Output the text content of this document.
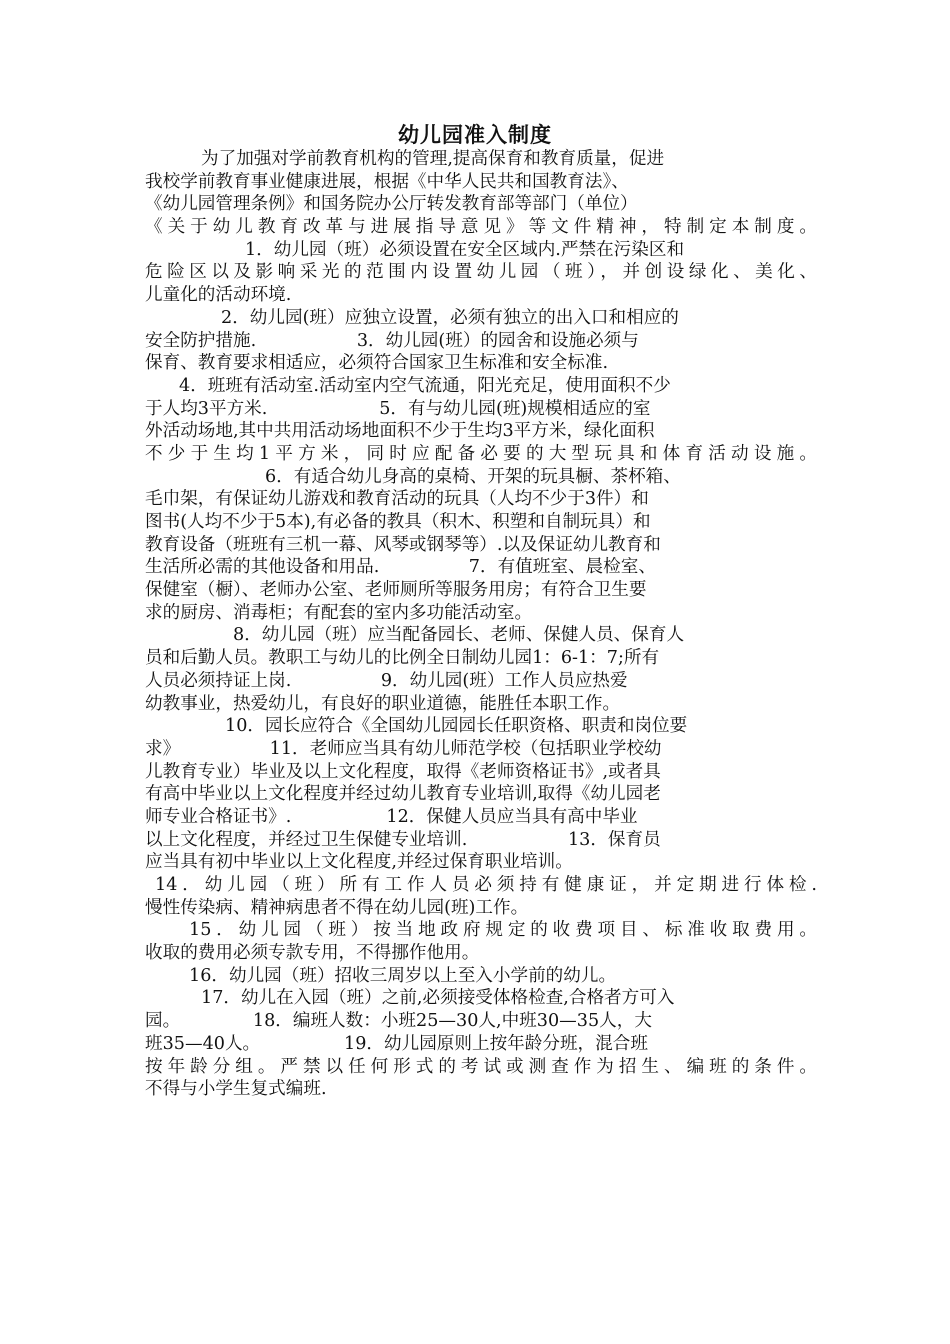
幼儿园准入制度
为了加强对学前教育机构的管理,提高保育和教育质量，促进
我校学前教育事业健康进展，根据《中华人民共和国教育法》、
《幼儿园管理条例》和国务院办公厅转发教育部等部门（单位）
《关于幼儿教育改革与进展指导意见》等文件精神，特制定本制度。
1．幼儿园（班）必须设置在安全区域内.严禁在污染区和
危险区以及影响采光的范围内设置幼儿园（班），并创设绿化、美化、
儿童化的活动环境.
2．幼儿园(班）应独立设置，必须有独立的出入口和相应的
安全防护措施.                  3．幼儿园(班）的园舍和设施必须与
保育、教育要求相适应，必须符合国家卫生标准和安全标准.
4．班班有活动室.活动室内空气流通，阳光充足，使用面积不少
于人均3平方米.                    5．有与幼儿园(班)规模相适应的室
外活动场地,其中共用活动场地面积不少于生均3平方米，绿化面积
不少于生均1平方米，同时应配备必要的大型玩具和体育活动设施。
6．有适合幼儿身高的桌椅、开架的玩具橱、茶杯箱、
毛巾架，有保证幼儿游戏和教育活动的玩具（人均不少于3件）和
图书(人均不少于5本),有必备的教具（积木、积塑和自制玩具）和
教育设备（班班有三机一幕、风琴或钢琴等）.以及保证幼儿教育和
生活所必需的其他设备和用品.                7．有值班室、晨检室、
保健室（橱）、老师办公室、老师厕所等服务用房；有符合卫生要
求的厨房、消毒柜；有配套的室内多功能活动室。
8．幼儿园（班）应当配备园长、老师、保健人员、保育人
员和后勤人员。教职工与幼儿的比例全日制幼儿园1：6-1：7;所有
人员必须持证上岗.                9．幼儿园(班）工作人员应热爱
幼教事业，热爱幼儿，有良好的职业道德，能胜任本职工作。
10．园长应符合《全国幼儿园园长任职资格、职责和岗位要
求》                11．老师应当具有幼儿师范学校（包括职业学校幼
儿教育专业）毕业及以上文化程度，取得《老师资格证书》,或者具
有高中毕业以上文化程度并经过幼儿教育专业培训,取得《幼儿园老
师专业合格证书》.                 12．保健人员应当具有高中毕业
以上文化程度，并经过卫生保健专业培训.                  13．保育员
应当具有初中毕业以上文化程度,并经过保育职业培训。
14．幼儿园（班）所有工作人员必须持有健康证，并定期进行体检.
慢性传染病、精神病患者不得在幼儿园(班)工作。
15．幼儿园（班）按当地政府规定的收费项目、标准收取费用。
收取的费用必须专款专用，不得挪作他用。
16．幼儿园（班）招收三周岁以上至入小学前的幼儿。
17．幼儿在入园（班）之前,必须接受体格检查,合格者方可入
园。             18．编班人数：小班25—30人,中班30—35人，大
班35—40人。               19．幼儿园原则上按年龄分班，混合班
按年龄分组。严禁以任何形式的考试或测查作为招生、编班的条件。
不得与小学生复式编班.
